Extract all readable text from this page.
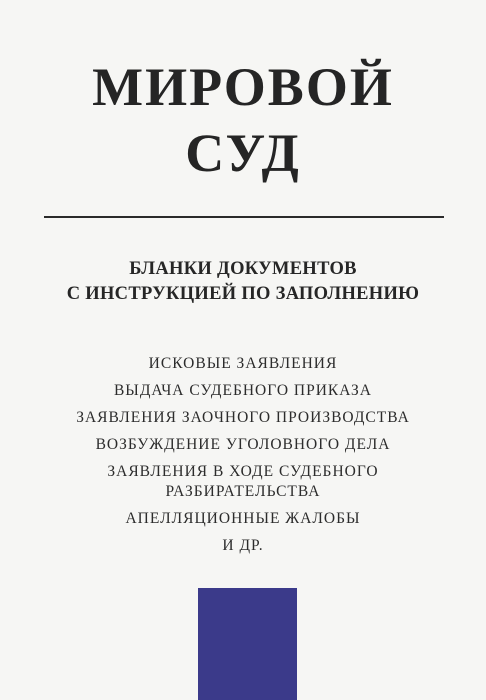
МИРОВОЙ
СУД
БЛАНКИ ДОКУМЕНТОВ
С ИНСТРУКЦИЕЙ ПО ЗАПОЛНЕНИЮ
ИСКОВЫЕ ЗАЯВЛЕНИЯ
ВЫДАЧА СУДЕБНОГО ПРИКАЗА
ЗАЯВЛЕНИЯ ЗАОЧНОГО ПРОИЗВОДСТВА
ВОЗБУЖДЕНИЕ УГОЛОВНОГО ДЕЛА
ЗАЯВЛЕНИЯ В ХОДЕ СУДЕБНОГО
РАЗБИРАТЕЛЬСТВА
АПЕЛЛЯЦИОННЫЕ ЖАЛОБЫ
И ДР.
